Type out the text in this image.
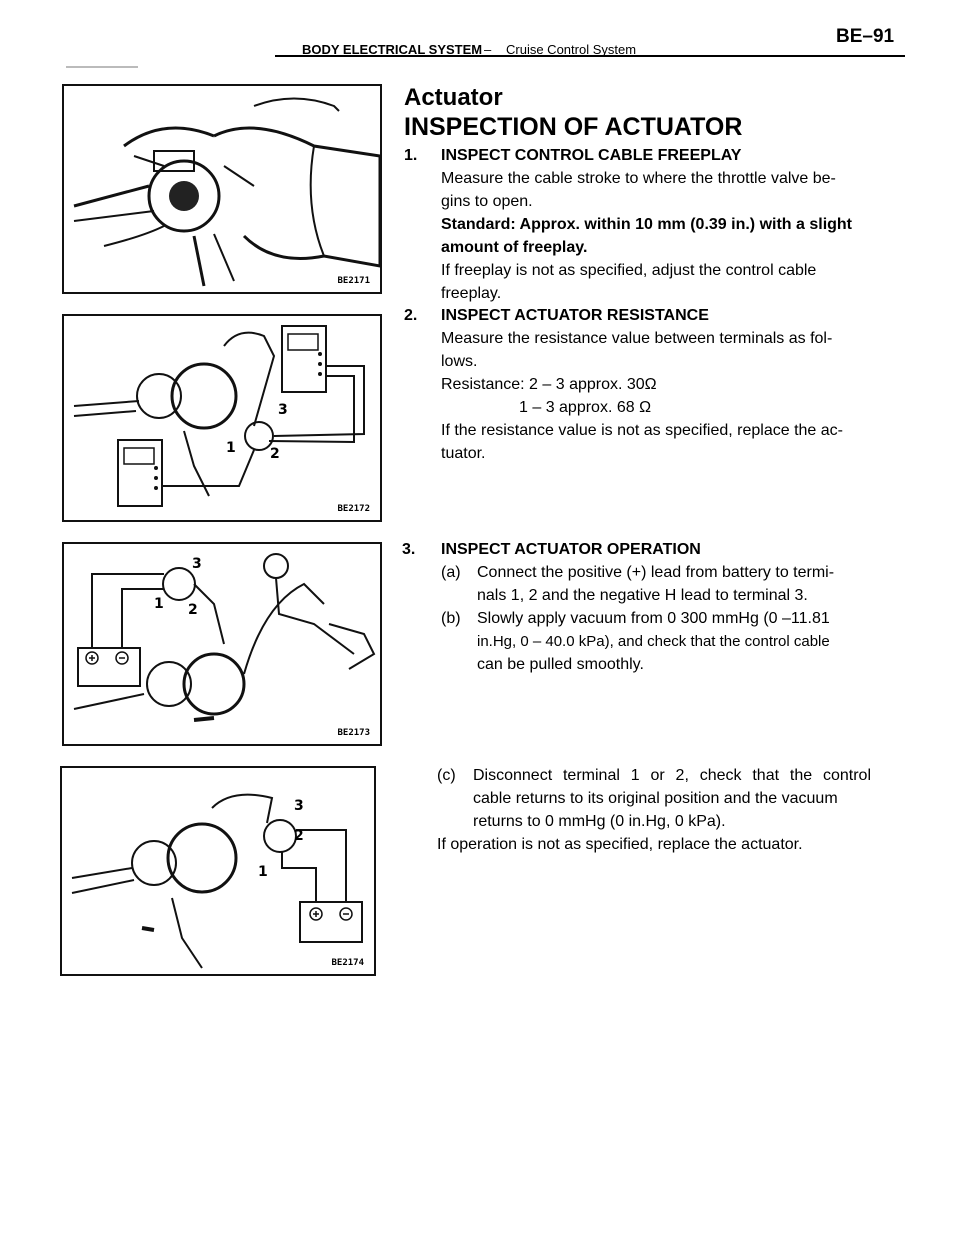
BODY ELECTRICAL SYSTEM – Cruise Control System
BE–91
BE2171
1 2
3
BE2172
1 2
3
BE2173
1
2
3
BE2174
Actuator
INSPECTION OF ACTUATOR
1. INSPECT CONTROL CABLE FREEPLAY
Measure the cable stroke to where the throttle valve be-
gins to open.
Standard: Approx. within 10 mm (0.39 in.) with a slight
amount of freeplay.
If freeplay is not as specified, adjust the control cable
freeplay.
2. INSPECT ACTUATOR RESISTANCE
Measure the resistance value between terminals as fol-
lows.
Resistance: 2 – 3 approx. 30Ω
1 – 3 approx. 68 Ω
If the resistance value is not as specified, replace the ac-
tuator.
3. INSPECT ACTUATOR OPERATION
(a) Connect the positive (+) lead from battery to termi-
nals 1, 2 and the negative H lead to terminal 3.
(b) Slowly apply vacuum from 0 300 mmHg (0 –11.81
in.Hg, 0 – 40.0 kPa), and check that the control cable
can be pulled smoothly.
(c) Disconnect terminal 1 or 2, check that the control
cable returns to its original position and the vacuum
returns to 0 mmHg (0 in.Hg, 0 kPa).
If operation is not as specified, replace the actuator.
